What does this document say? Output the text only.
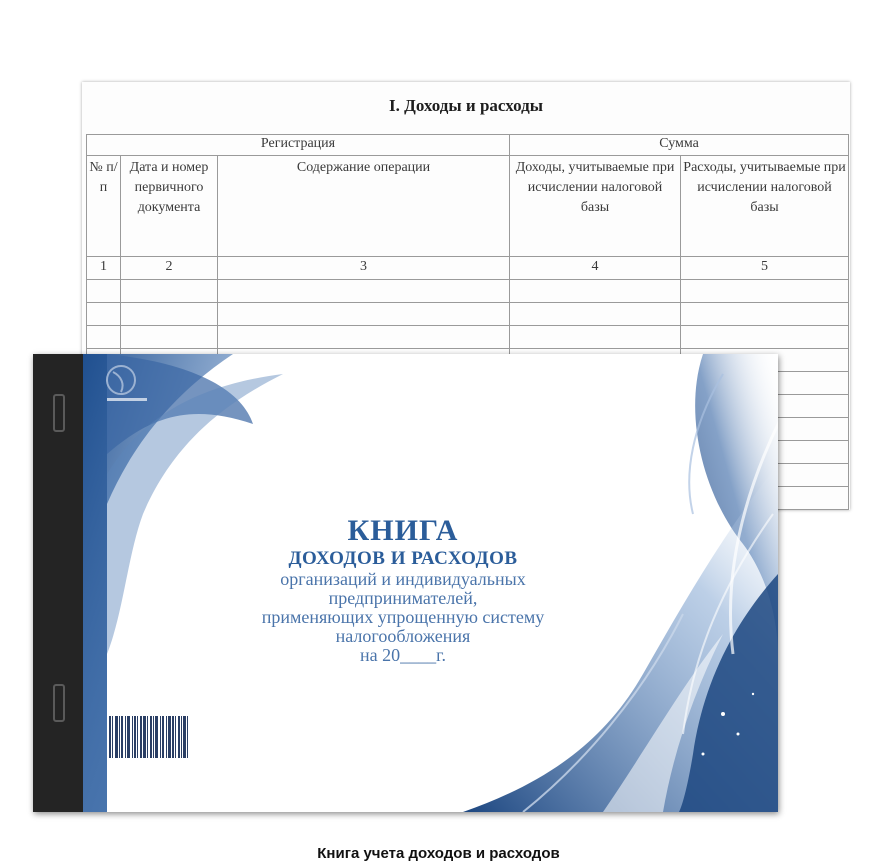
I. Доходы и расходы
Регистрация			Сумма	
№ п/п	Дата и номер первичного документа	Содержание операции	Доходы, учитываемые при исчислении налоговой базы	Расходы, учитываемые при исчислении налоговой базы
1	2	3	4	5

КНИГА
ДОХОДОВ И РАСХОДОВ
организаций и индивидуальных
предпринимателей,
применяющих упрощенную систему
налогообложения
на 20____г.
Книга учета доходов и расходов
